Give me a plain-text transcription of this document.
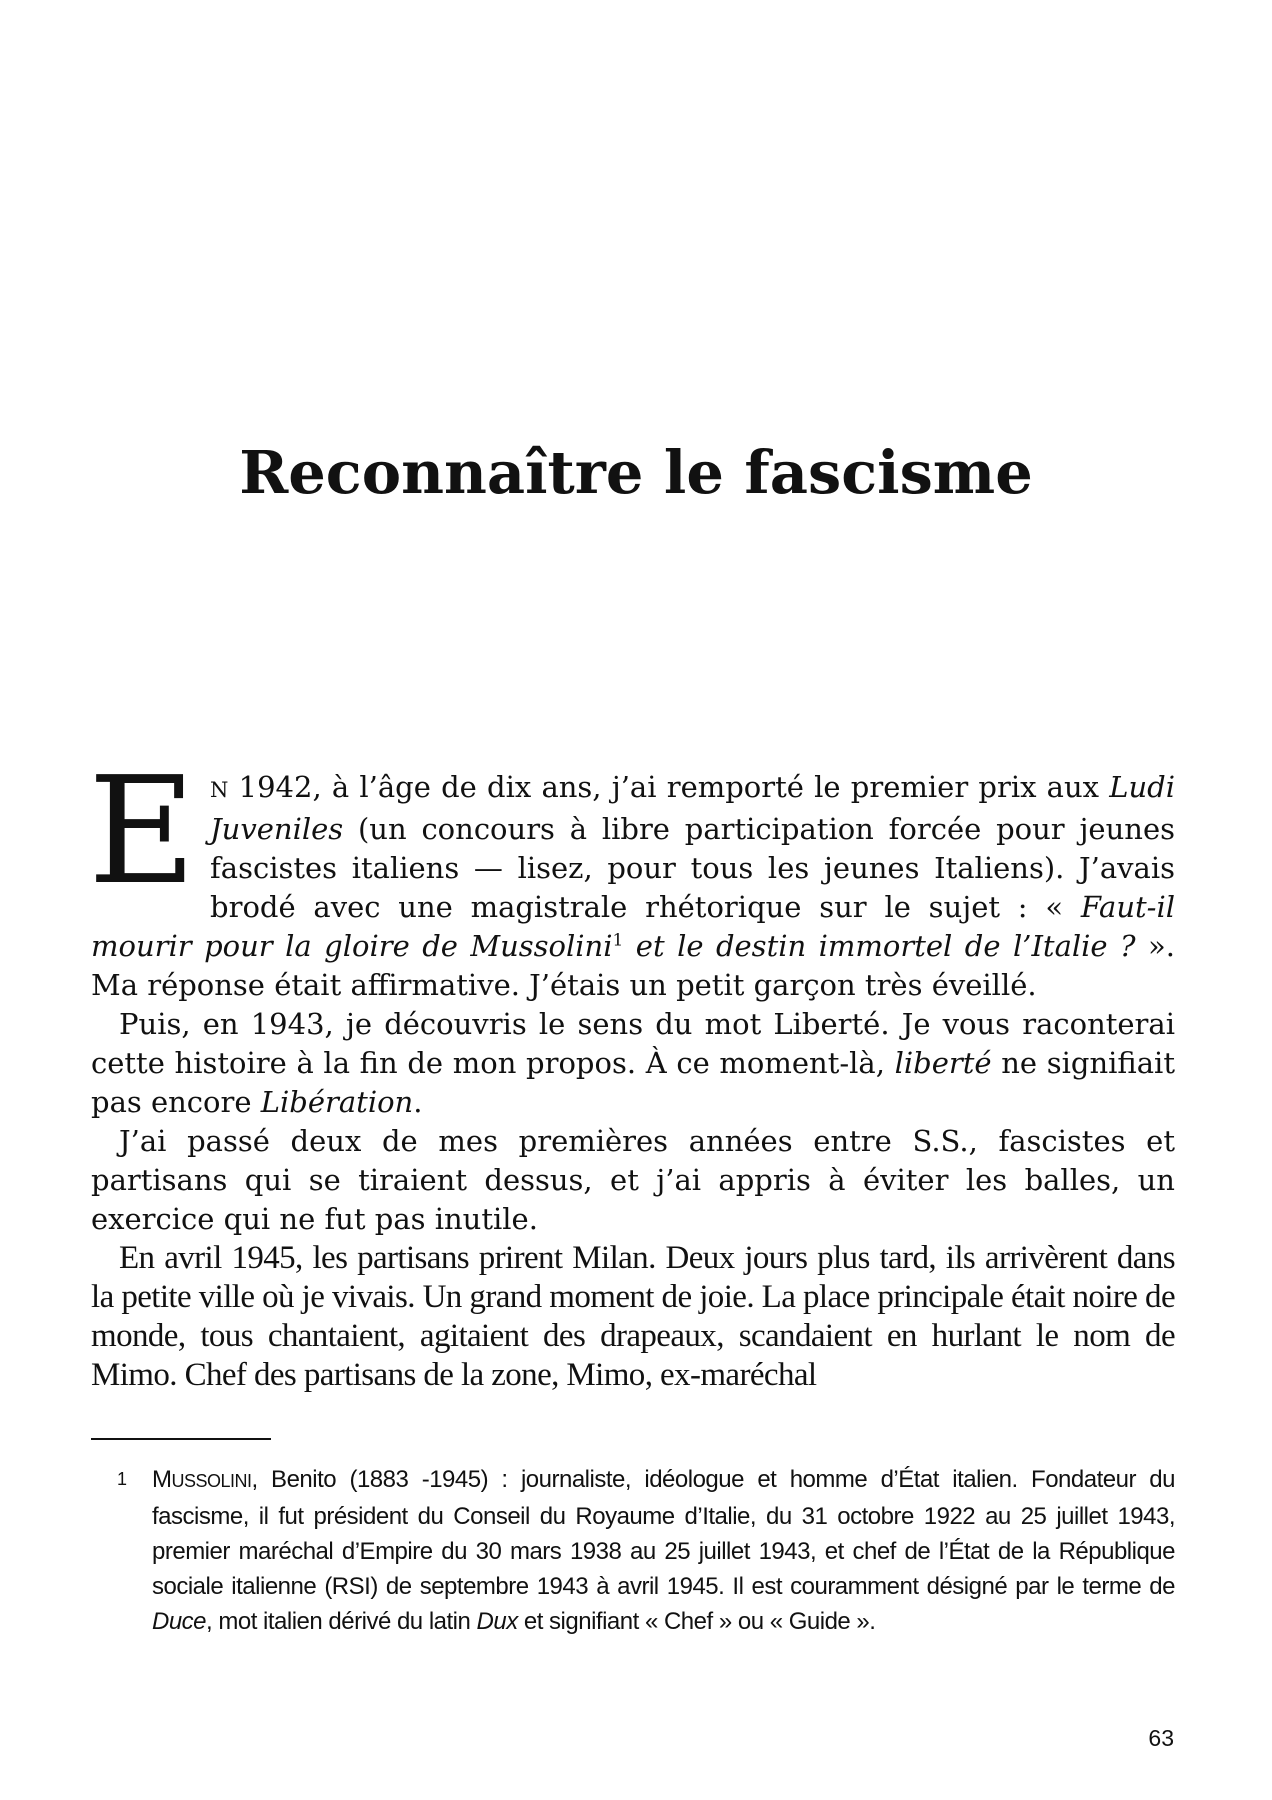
Reconnaître le fascisme

E N 1942, à l’âge de dix ans, j’ai remporté le premier prix aux Ludi Juveniles (un concours à libre participation forcée pour jeunes fascistes italiens — lisez, pour tous les jeunes Italiens). J’avais brodé avec une magistrale rhétorique sur le sujet : « Faut-il mourir pour la gloire de Mussolini$^1$ et le destin immortel de l’Italie ? ». Ma réponse était affirmative. J’étais un petit garçon très éveillé.

Puis, en 1943, je découvris le sens du mot Liberté. Je vous raconterai cette histoire à la fin de mon propos. À ce moment-là, liberté ne signifiait pas encore Libération.

J’ai passé deux de mes premières années entre S.S., fascistes et partisans qui se tiraient dessus, et j’ai appris à éviter les balles, un exercice qui ne fut pas inutile.

En avril 1945, les partisans prirent Milan. Deux jours plus tard, ils arrivèrent dans la petite ville où je vivais. Un grand moment de joie. La place principale était noire de monde, tous chantaient, agitaient des drapeaux, scandaient en hurlant le nom de Mimo. Chef des partisans de la zone, Mimo, ex-maréchal

1	MUSSOLINI, Benito (1883 -1945) : journaliste, idéologue et homme d’État italien. Fondateur du fascisme, il fut président du Conseil du Royaume d’Italie, du 31 octobre 1922 au 25 juillet 1943, premier maréchal d’Empire du 30 mars 1938 au 25 juillet 1943, et chef de l’État de la République sociale italienne (RSI) de septembre 1943 à avril 1945. Il est couramment désigné par le terme de Duce, mot italien dérivé du latin Dux et signifiant « Chef » ou « Guide ».
63
